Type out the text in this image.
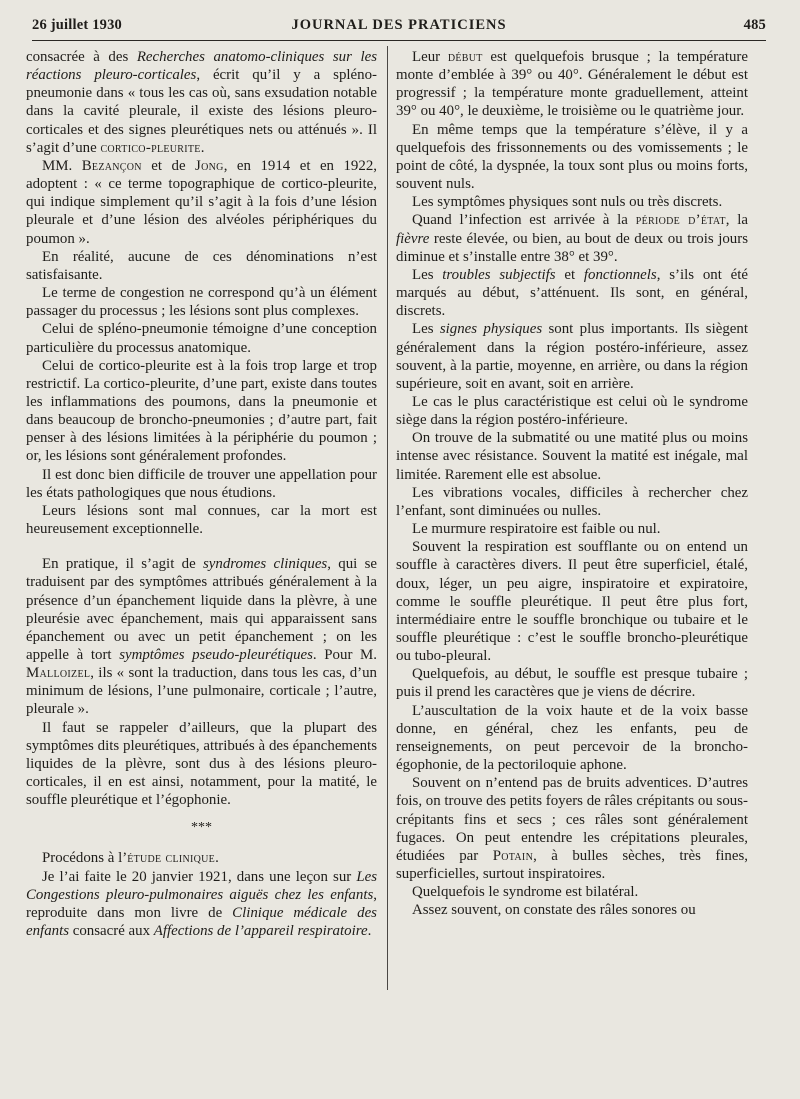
26 juillet 1930	JOURNAL DES PRATICIENS	485

consacrée à des Recherches anatomo-cliniques sur les réactions pleuro-corticales, écrit qu’il y a spléno-pneumonie dans « tous les cas où, sans exsudation notable dans la cavité pleurale, il existe des lésions pleuro-corticales et des signes pleurétiques nets ou atténués ». Il s’agit d’une cortico-pleurite.

MM. Bezançon et de Jong, en 1914 et en 1922, adoptent : « ce terme topographique de cortico-pleurite, qui indique simplement qu’il s’agit à la fois d’une lésion pleurale et d’une lésion des alvéoles périphériques du poumon ».

En réalité, aucune de ces dénominations n’est satisfaisante.

Le terme de congestion ne correspond qu’à un élément passager du processus ; les lésions sont plus complexes.

Celui de spléno-pneumonie témoigne d’une conception particulière du processus anatomique.

Celui de cortico-pleurite est à la fois trop large et trop restrictif. La cortico-pleurite, d’une part, existe dans toutes les inflammations des poumons, dans la pneumonie et dans beaucoup de broncho-pneumonies ; d’autre part, fait penser à des lésions limitées à la périphérie du poumon ; or, les lésions sont généralement profondes.

Il est donc bien difficile de trouver une appellation pour les états pathologiques que nous étudions.

Leurs lésions sont mal connues, car la mort est heureusement exceptionnelle.

En pratique, il s’agit de syndromes cliniques, qui se traduisent par des symptômes attribués généralement à la présence d’un épanchement liquide dans la plèvre, à une pleurésie avec épanchement, mais qui apparaissent sans épanchement ou avec un petit épanchement ; on les appelle à tort symptômes pseudo-pleurétiques. Pour M. Malloizel, ils « sont la traduction, dans tous les cas, d’un minimum de lésions, l’une pulmonaire, corticale ; l’autre, pleurale ».

Il faut se rappeler d’ailleurs, que la plupart des symptômes dits pleurétiques, attribués à des épanchements liquides de la plèvre, sont dus à des lésions pleuro-corticales, il en est ainsi, notamment, pour la matité, le souffle pleurétique et l’égophonie.

***

Procédons à l’étude clinique.

Je l’ai faite le 20 janvier 1921, dans une leçon sur Les Congestions pleuro-pulmonaires aiguës chez les enfants, reproduite dans mon livre de Clinique médicale des enfants consacré aux Affections de l’appareil respiratoire.

Leur début est quelquefois brusque ; la température monte d’emblée à 39° ou 40°. Généralement le début est progressif ; la température monte graduellement, atteint 39° ou 40°, le deuxième, le troisième ou le quatrième jour.

En même temps que la température s’élève, il y a quelquefois des frissonnements ou des vomissements ; le point de côté, la dyspnée, la toux sont plus ou moins forts, souvent nuls.

Les symptômes physiques sont nuls ou très discrets.

Quand l’infection est arrivée à la période d’état, la fièvre reste élevée, ou bien, au bout de deux ou trois jours diminue et s’installe entre 38° et 39°.

Les troubles subjectifs et fonctionnels, s’ils ont été marqués au début, s’atténuent. Ils sont, en général, discrets.

Les signes physiques sont plus importants. Ils siègent généralement dans la région postéro-inférieure, assez souvent, à la partie, moyenne, en arrière, ou dans la région supérieure, soit en avant, soit en arrière.

Le cas le plus caractéristique est celui où le syndrome siège dans la région postéro-inférieure.

On trouve de la submatité ou une matité plus ou moins intense avec résistance. Souvent la matité est inégale, mal limitée. Rarement elle est absolue.

Les vibrations vocales, difficiles à rechercher chez l’enfant, sont diminuées ou nulles.

Le murmure respiratoire est faible ou nul.

Souvent la respiration est soufflante ou on entend un souffle à caractères divers. Il peut être superficiel, étalé, doux, léger, un peu aigre, inspiratoire et expiratoire, comme le souffle pleurétique. Il peut être plus fort, intermédiaire entre le souffle bronchique ou tubaire et le souffle pleurétique : c’est le souffle broncho-pleurétique ou tubo-pleural.

Quelquefois, au début, le souffle est presque tubaire ; puis il prend les caractères que je viens de décrire.

L’auscultation de la voix haute et de la voix basse donne, en général, chez les enfants, peu de renseignements, on peut percevoir de la broncho-égophonie, de la pectoriloquie aphone.

Souvent on n’entend pas de bruits adventices. D’autres fois, on trouve des petits foyers de râles crépitants ou sous-crépitants fins et secs ; ces râles sont généralement fugaces. On peut entendre les crépitations pleurales, étudiées par Potain, à bulles sèches, très fines, superficielles, surtout inspiratoires.

Quelquefois le syndrome est bilatéral.

Assez souvent, on constate des râles sonores ou
